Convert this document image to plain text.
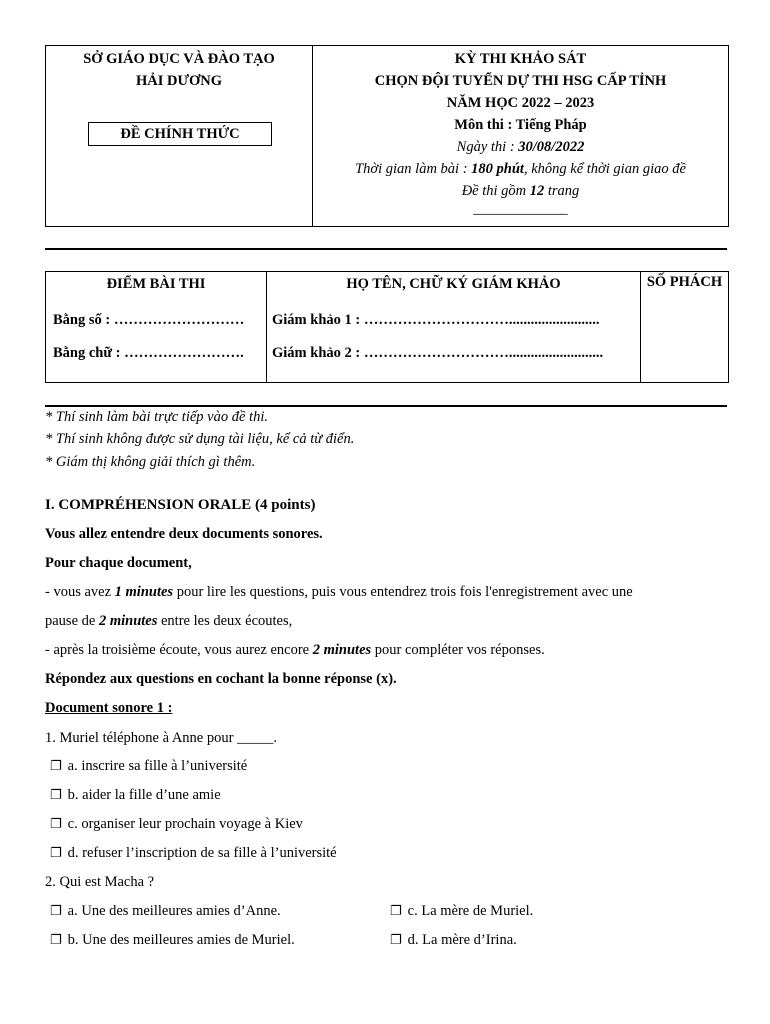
SỞ GIÁO DỤC VÀ ĐÀO TẠO
HẢI DƯƠNG
ĐỀ CHÍNH THỨC
KỲ THI KHẢO SÁT
CHỌN ĐỘI TUYỂN DỰ THI HSG CẤP TỈNH
NĂM HỌC 2022 – 2023
Môn thi : Tiếng Pháp
Ngày thi : 30/08/2022
Thời gian làm bài : 180 phút, không kể thời gian giao đề
Đề thi gồm 12 trang
_____________
ĐIỂM BÀI THI
Bằng số : ………………………
Bằng chữ : …………………….
HỌ TÊN, CHỮ KÝ GIÁM KHẢO
Giám khảo 1 : ………………………….........................
Giám khảo 2 : …………………………..........................
SỐ PHÁCH
* Thí sinh làm bài trực tiếp vào đề thi.
* Thí sinh không được sử dụng tài liệu, kể cả từ điển.
* Giám thị không giải thích gì thêm.
I. COMPRÉHENSION ORALE (4 points)
Vous allez entendre deux documents sonores.
Pour chaque document,
- vous avez 1 minutes pour lire les questions, puis vous entendrez trois fois l'enregistrement avec une
pause de 2 minutes entre les deux écoutes,
- après la troisième écoute, vous aurez encore 2 minutes pour compléter vos réponses.
Répondez aux questions en cochant la bonne réponse (x).
Document sonore 1 :
1. Muriel téléphone à Anne pour _____.
❐ a. inscrire sa fille à l’université
❐ b. aider la fille d’une amie
❐ c. organiser leur prochain voyage à Kiev
❐ d. refuser l’inscription de sa fille à l’université
2. Qui est Macha ?
❐ a. Une des meilleures amies d’Anne.
❐ b. Une des meilleures amies de Muriel.
❐ c. La mère de Muriel.
❐ d. La mère d’Irina.
